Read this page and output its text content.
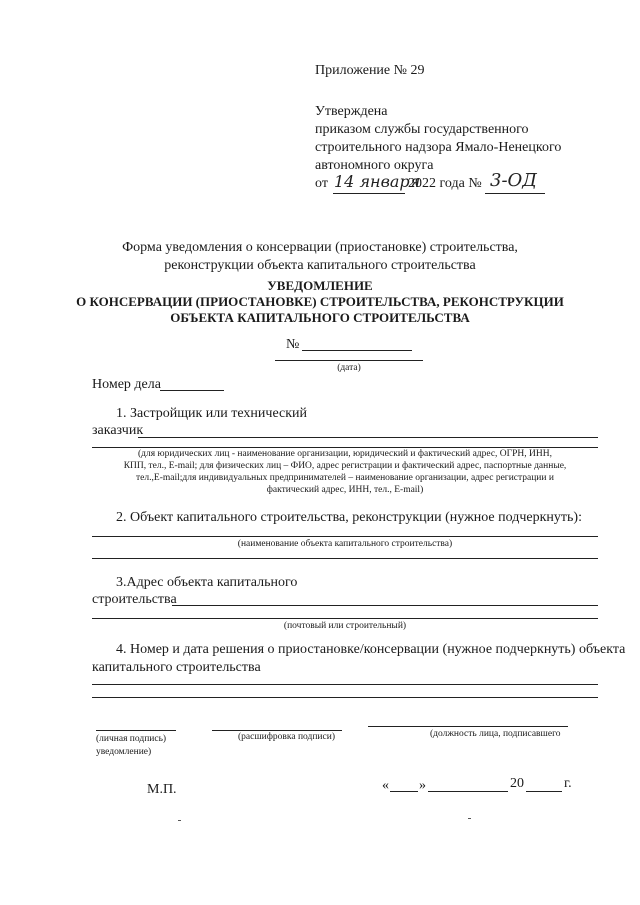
Приложение № 29
Утверждена
приказом службы государственного
строительного надзора Ямало-Ненецкого
автономного округа
от 14 января
2022 года № 3-ОД
Форма уведомления о консервации (приостановке) строительства,
реконструкции объекта капитального строительства
УВЕДОМЛЕНИЕ
О КОНСЕРВАЦИИ (ПРИОСТАНОВКЕ) СТРОИТЕЛЬСТВА, РЕКОНСТРУКЦИИ
ОБЪЕКТА КАПИТАЛЬНОГО СТРОИТЕЛЬСТВА
№
(дата)
Номер дела
1. Застройщик или технический
заказчик
(для юридических лиц - наименование организации, юридический и фактический адрес, ОГРН, ИНН,
КПП, тел., E-mail; для физических лиц – ФИО, адрес регистрации и фактический адрес, паспортные данные,
тел.,E-mail;для индивидуальных предпринимателей – наименование организации, адрес регистрации и
фактический адрес, ИНН, тел., E-mail)
2. Объект капитального строительства, реконструкции (нужное подчеркнуть):
(наименование объекта капитального строительства)
3.Адрес объекта капитального
строительства
(почтовый или строительный)
4. Номер и дата решения о приостановке/консервации (нужное подчеркнуть) объекта
капитального строительства
(личная подпись)
уведомление)
(расшифровка подписи)	(должность лица, подписавшего
М.П.	« »	20	г.
